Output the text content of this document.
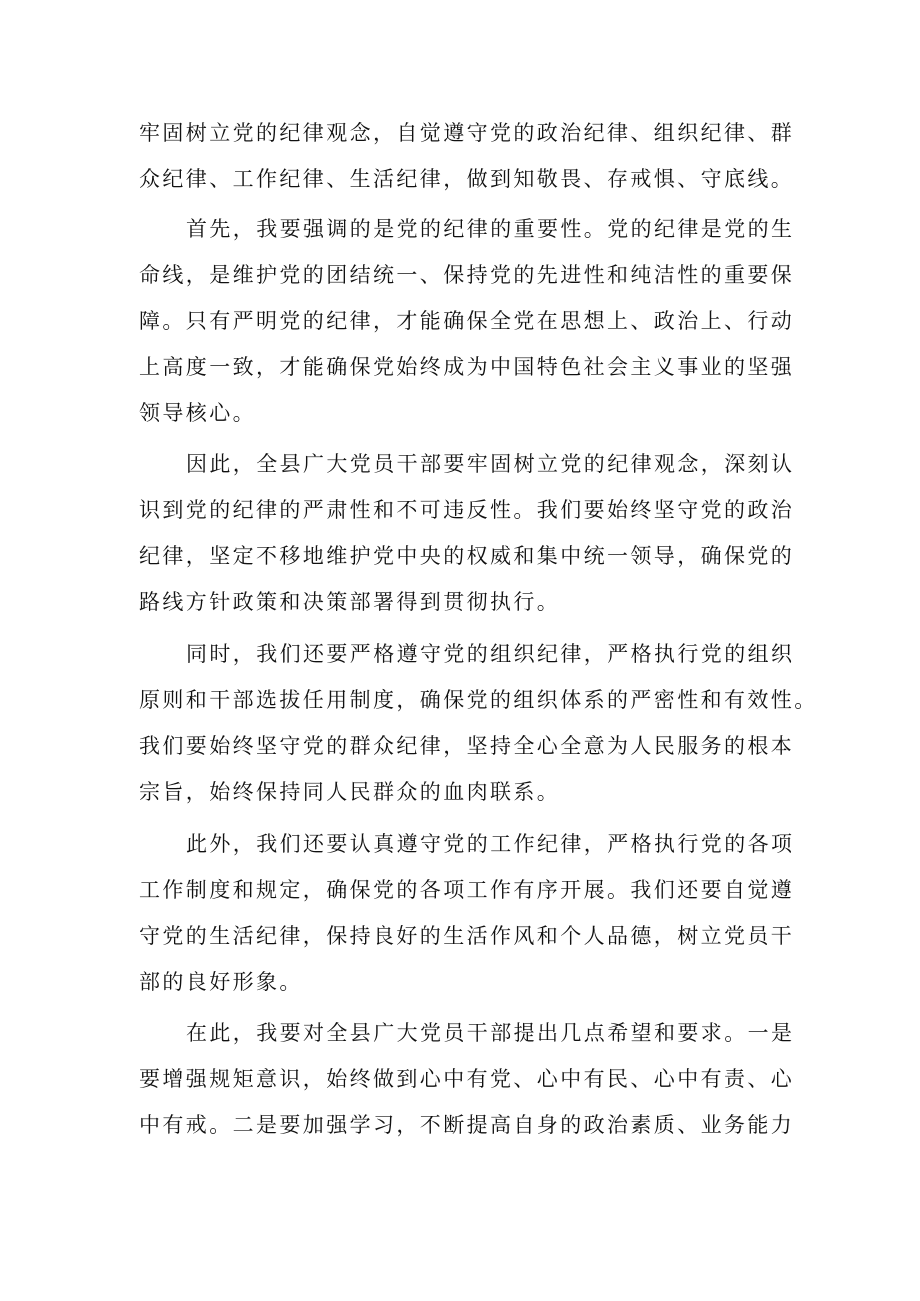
牢固树立党的纪律观念，自觉遵守党的政治纪律、组织纪律、群
众纪律、工作纪律、生活纪律，做到知敬畏、存戒惧、守底线。
首先，我要强调的是党的纪律的重要性。党的纪律是党的生
命线，是维护党的团结统一、保持党的先进性和纯洁性的重要保
障。只有严明党的纪律，才能确保全党在思想上、政治上、行动
上高度一致，才能确保党始终成为中国特色社会主义事业的坚强
领导核心。
因此，全县广大党员干部要牢固树立党的纪律观念，深刻认
识到党的纪律的严肃性和不可违反性。我们要始终坚守党的政治
纪律，坚定不移地维护党中央的权威和集中统一领导，确保党的
路线方针政策和决策部署得到贯彻执行。
同时，我们还要严格遵守党的组织纪律，严格执行党的组织
原则和干部选拔任用制度，确保党的组织体系的严密性和有效性。
我们要始终坚守党的群众纪律，坚持全心全意为人民服务的根本
宗旨，始终保持同人民群众的血肉联系。
此外，我们还要认真遵守党的工作纪律，严格执行党的各项
工作制度和规定，确保党的各项工作有序开展。我们还要自觉遵
守党的生活纪律，保持良好的生活作风和个人品德，树立党员干
部的良好形象。
在此，我要对全县广大党员干部提出几点希望和要求。一是
要增强规矩意识，始终做到心中有党、心中有民、心中有责、心
中有戒。二是要加强学习，不断提高自身的政治素质、业务能力
